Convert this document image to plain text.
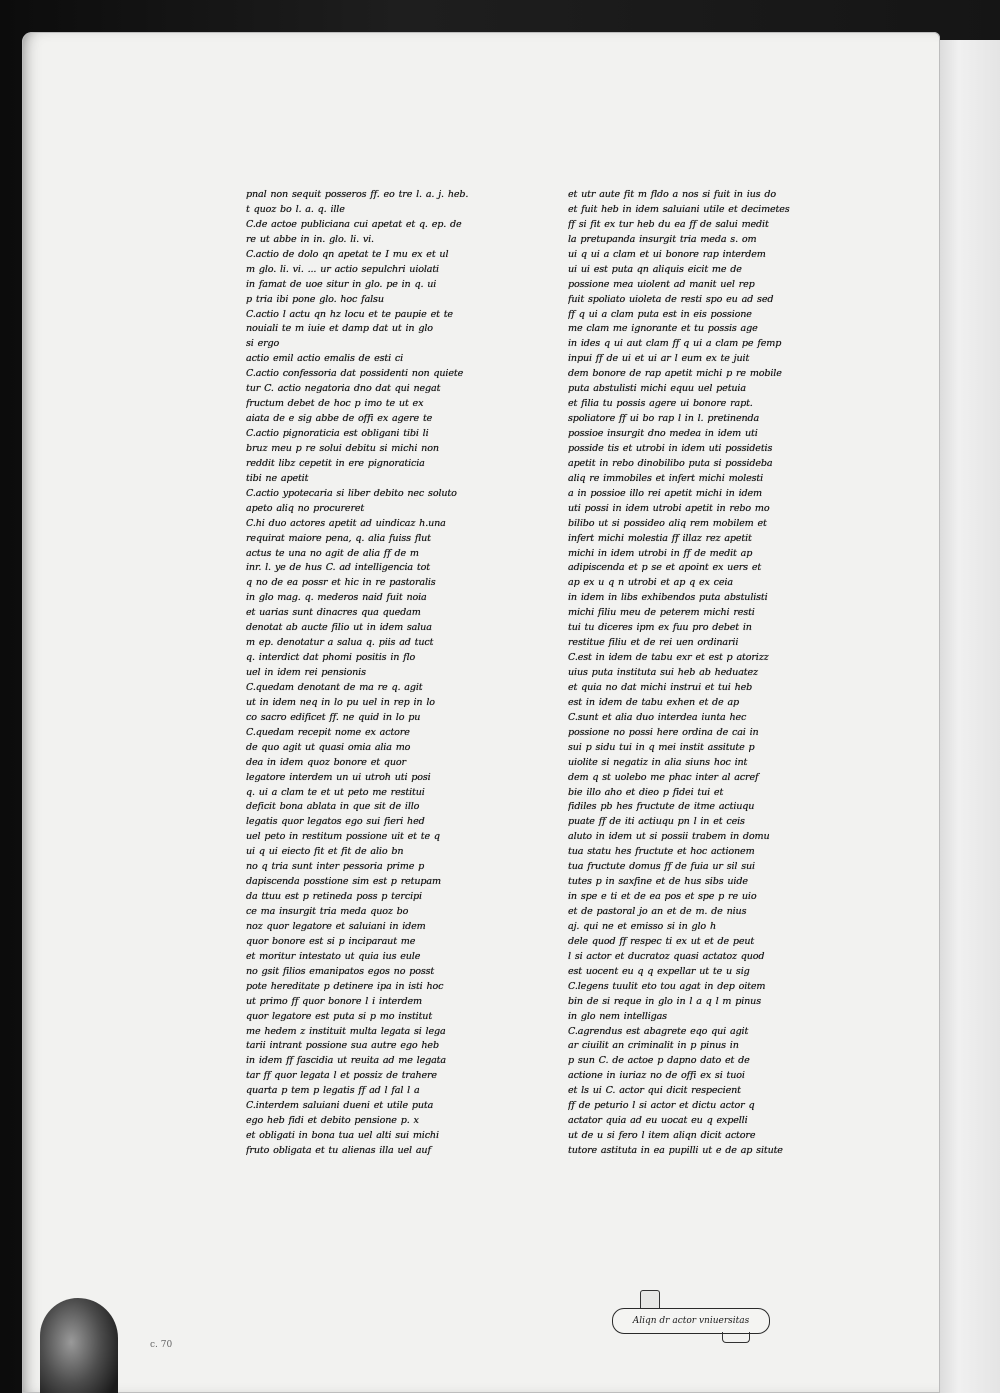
pnal non sequit posseros ff. eo tre l. a. j. heb.
t quoz bo l. a. q. ille
C.de actoe publiciana cui apetat et q. ep. de
re ut abbe in in. glo. li. vi.
C.actio de dolo qn apetat te I mu ex et ul
m glo. li. vi. ... ur actio sepulchri uiolati
in famat de uoe situr in glo. pe in q. ui
p tria ibi pone glo. hoc falsu
C.actio l actu qn hz locu et te paupie et te
nouiali te m iuie et damp dat ut in glo
si ergo
actio emil actio emalis de esti ci
C.actio confessoria dat possidenti non quiete
tur C. actio negatoria dno dat qui negat
fructum debet de hoc p imo te ut ex
aiata de e sig abbe de offi ex agere te
C.actio pignoraticia est obligani tibi li
bruz meu p re solui debitu si michi non
reddit libz cepetit in ere pignoraticia
tibi ne apetit
C.actio ypotecaria si liber debito nec soluto
apeto aliq no procureret
C.hi duo actores apetit ad uindicaz h.una
requirat maiore pena, q. alia fuiss flut
actus te una no agit de alia ff de m
inr. l. ye de hus C. ad intelligencia tot
q no de ea possr et hic in re pastoralis
in glo mag. q. mederos naid fuit noia
et uarias sunt dinacres qua quedam
denotat ab aucte filio ut in idem salua
m ep. denotatur a salua q. piis ad tuct
q. interdict dat phomi positis in flo
uel in idem rei pensionis
C.quedam denotant de ma re q. agit
ut in idem neq in lo pu uel in rep in lo
co sacro edificet ff. ne quid in lo pu
C.quedam recepit nome ex actore
de quo agit ut quasi omia alia mo
dea in idem quoz bonore et quor
legatore interdem un ui utroh uti posi
q. ui a clam te et ut peto me restitui
deficit bona ablata in que sit de illo
legatis quor legatos ego sui fieri hed
uel peto in restitum possione uit et te q
ui q ui eiecto fit et fit de alio bn
no q tria sunt inter pessoria prime p
dapiscenda posstione sim est p retupam
da ttuu est p retineda poss p tercipi
ce ma insurgit tria meda quoz bo
noz quor legatore et saluiani in idem
quor bonore est si p inciparaut me
et moritur intestato ut quia ius eule
no gsit filios emanipatos egos no posst
pote hereditate p detinere ipa in isti hoc
ut primo ff quor bonore l i interdem
quor legatore est puta si p mo institut
me hedem z instituit multa legata si lega
tarii intrant possione sua autre ego heb
in idem ff fascidia ut reuita ad me legata
tar ff quor legata l et possiz de trahere
quarta p tem p legatis ff ad l fal l a
C.interdem saluiani dueni et utile puta
ego heb fidi et debito pensione p. x
et obligati in bona tua uel alti sui michi
fruto obligata et tu alienas illa uel auf
et utr aute fit m fldo a nos si fuit in ius do
et fuit heb in idem saluiani utile et decimetes
ff si fit ex tur heb du ea ff de salui medit
la pretupanda insurgit tria meda s. om
ui q ui a clam et ui bonore rap interdem
ui ui est puta qn aliquis eicit me de
possione mea uiolent ad manit uel rep
fuit spoliato uioleta de resti spo eu ad sed
ff q ui a clam puta est in eis possione
me clam me ignorante et tu possis age
in ides q ui aut clam ff q ui a clam pe femp
inpui ff de ui et ui ar l eum ex te juit
dem bonore de rap apetit michi p re mobile
puta abstulisti michi equu uel petuia
et filia tu possis agere ui bonore rapt.
spoliatore ff ui bo rap l in l. pretinenda
possioe insurgit dno medea in idem uti
posside tis et utrobi in idem uti possidetis
apetit in rebo dinobilibo puta si possideba
aliq re immobiles et infert michi molesti
a in possioe illo rei apetit michi in idem
uti possi in idem utrobi apetit in rebo mo
bilibo ut si possideo aliq rem mobilem et
infert michi molestia ff illaz rez apetit
michi in idem utrobi in ff de medit ap
adipiscenda et p se et apoint ex uers et
ap ex u q n utrobi et ap q ex ceia
in idem in libs exhibendos puta abstulisti
michi filiu meu de peterem michi resti
tui tu diceres ipm ex fuu pro debet in
restitue filiu et de rei uen ordinarii
C.est in idem de tabu exr et est p atorizz
uius puta instituta sui heb ab heduatez
et quia no dat michi instrui et tui heb
est in idem de tabu exhen et de ap
C.sunt et alia duo interdea iunta hec
possione no possi here ordina de cai in
sui p sidu tui in q mei instit assitute p
uiolite si negatiz in alia siuns hoc int
dem q st uolebo me phac inter al acref
bie illo aho et dieo p fidei tui et
fidiles pb hes fructute de itme actiuqu
puate ff de iti actiuqu pn l in et ceis
aluto in idem ut si possii trabem in domu
tua statu hes fructute et hoc actionem
tua fructute domus ff de fuia ur sil sui
tutes p in saxfine et de hus sibs uide
in spe e ti et de ea pos et spe p re uio
et de pastoral jo an et de m. de nius
aj. qui ne et emisso si in glo h
dele quod ff respec ti ex ut et de peut
l si actor et ducratoz quasi actatoz quod
est uocent eu q q expellar ut te u sig
C.legens tuulit eto tou agat in dep oitem
bin de si reque in glo in l a q l m pinus
in glo nem intelligas
C.agrendus est abagrete eqo qui agit
ar ciuilit an criminalit in p pinus in
p sun C. de actoe p dapno dato et de
actione in iuriaz no de offi ex si tuoi
et ls ui C. actor qui dicit respecient
ff de peturio l si actor et dictu actor q
actator quia ad eu uocat eu q expelli
ut de u si fero l item aliqn dicit actore
tutore astituta in ea pupilli ut e de ap situte
Aliqn dr actor vniuersitas
c. 70
